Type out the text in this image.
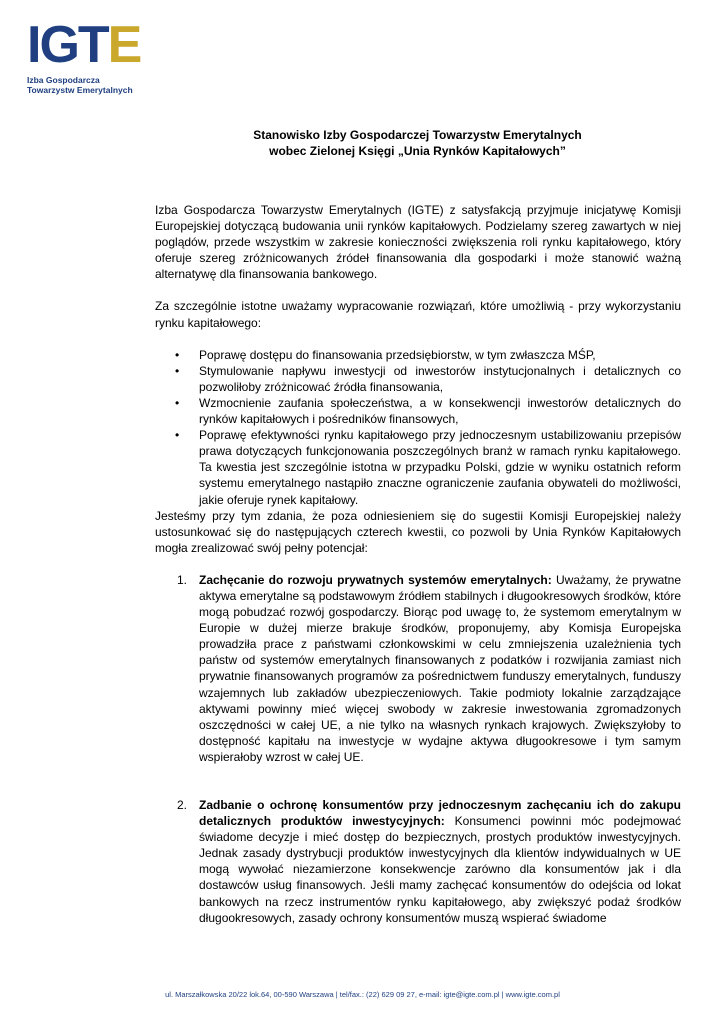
IGTE
Izba Gospodarcza
Towarzystw Emerytalnych
Stanowisko Izby Gospodarczej Towarzystw Emerytalnych
wobec Zielonej Księgi „Unia Rynków Kapitałowych”

Izba Gospodarcza Towarzystw Emerytalnych (IGTE) z satysfakcją przyjmuje inicjatywę Komisji Europejskiej dotyczącą budowania unii rynków kapitałowych. Podzielamy szereg zawartych w niej poglądów, przede wszystkim w zakresie konieczności zwiększenia roli rynku kapitałowego, który oferuje szereg zróżnicowanych źródeł finansowania dla gospodarki i może stanowić ważną alternatywę dla finansowania bankowego.

Za szczególnie istotne uważamy wypracowanie rozwiązań, które umożliwią - przy wykorzystaniu rynku kapitałowego:

• Poprawę dostępu do finansowania przedsiębiorstw, w tym zwłaszcza MŚP,
• Stymulowanie napływu inwestycji od inwestorów instytucjonalnych i detalicznych co pozwoliłoby zróżnicować źródła finansowania,
• Wzmocnienie zaufania społeczeństwa, a w konsekwencji inwestorów detalicznych do rynków kapitałowych i pośredników finansowych,
• Poprawę efektywności rynku kapitałowego przy jednoczesnym ustabilizowaniu przepisów prawa dotyczących funkcjonowania poszczególnych branż w ramach rynku kapitałowego. Ta kwestia jest szczególnie istotna w przypadku Polski, gdzie w wyniku ostatnich reform systemu emerytalnego nastąpiło znaczne ograniczenie zaufania obywateli do możliwości, jakie oferuje rynek kapitałowy.

Jesteśmy przy tym zdania, że poza odniesieniem się do sugestii Komisji Europejskiej należy ustosunkować się do następujących czterech kwestii, co pozwoli by Unia Rynków Kapitałowych mogła zrealizować swój pełny potencjał:

1. Zachęcanie do rozwoju prywatnych systemów emerytalnych: Uważamy, że prywatne aktywa emerytalne są podstawowym źródłem stabilnych i długookresowych środków, które mogą pobudzać rozwój gospodarczy. Biorąc pod uwagę to, że systemom emerytalnym w Europie w dużej mierze brakuje środków, proponujemy, aby Komisja Europejska prowadziła prace z państwami członkowskimi w celu zmniejszenia uzależnienia tych państw od systemów emerytalnych finansowanych z podatków i rozwijania zamiast nich prywatnie finansowanych programów za pośrednictwem funduszy emerytalnych, funduszy wzajemnych lub zakładów ubezpieczeniowych. Takie podmioty lokalnie zarządzające aktywami powinny mieć więcej swobody w zakresie inwestowania zgromadzonych oszczędności w całej UE, a nie tylko na własnych rynkach krajowych. Zwiększyłoby to dostępność kapitału na inwestycje w wydajne aktywa długookresowe i tym samym wspierałoby wzrost w całej UE.
2. Zadbanie o ochronę konsumentów przy jednoczesnym zachęcaniu ich do zakupu detalicznych produktów inwestycyjnych: Konsumenci powinni móc podejmować świadome decyzje i mieć dostęp do bezpiecznych, prostych produktów inwestycyjnych. Jednak zasady dystrybucji produktów inwestycyjnych dla klientów indywidualnych w UE mogą wywołać niezamierzone konsekwencje zarówno dla konsumentów jak i dla dostawców usług finansowych. Jeśli mamy zachęcać konsumentów do odejścia od lokat bankowych na rzecz instrumentów rynku kapitałowego, aby zwiększyć podaż środków długookresowych, zasady ochrony konsumentów muszą wspierać świadome
ul. Marszałkowska 20/22 lok.64, 00-590 Warszawa | tel/fax.: (22) 629 09 27, e-mail: igte@igte.com.pl | www.igte.com.pl
